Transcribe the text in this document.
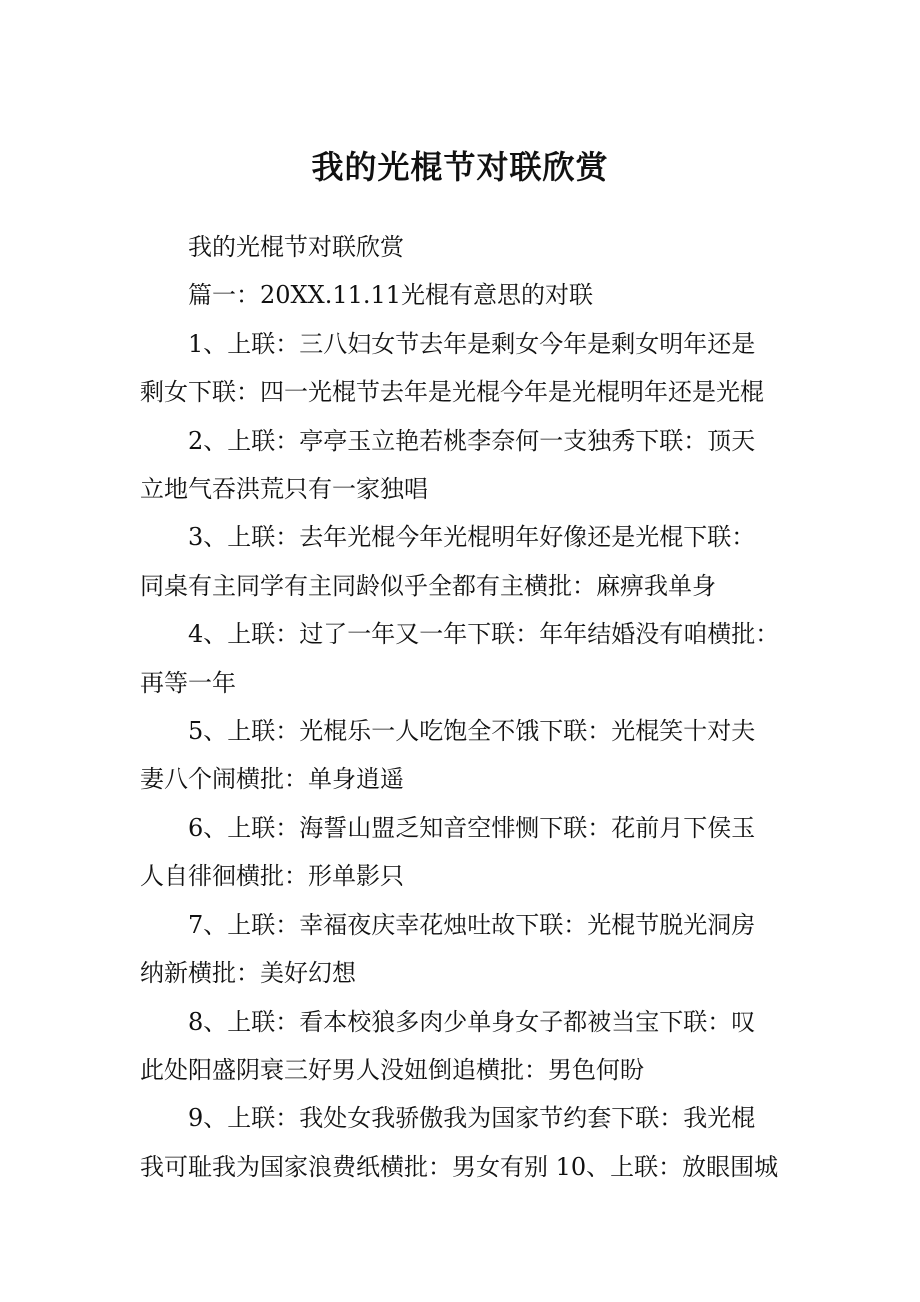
我的光棍节对联欣赏
我的光棍节对联欣赏
篇一：20XX.11.11光棍有意思的对联
1、上联：三八妇女节去年是剩女今年是剩女明年还是
剩女下联：四一光棍节去年是光棍今年是光棍明年还是光棍
2、上联：亭亭玉立艳若桃李奈何一支独秀下联：顶天
立地气吞洪荒只有一家独唱
3、上联：去年光棍今年光棍明年好像还是光棍下联：
同桌有主同学有主同龄似乎全都有主横批：麻痹我单身
4、上联：过了一年又一年下联：年年结婚没有咱横批：
再等一年
5、上联：光棍乐一人吃饱全不饿下联：光棍笑十对夫
妻八个闹横批：单身逍遥
6、上联：海誓山盟乏知音空悱恻下联：花前月下侯玉
人自徘徊横批：形单影只
7、上联：幸福夜庆幸花烛吐故下联：光棍节脱光洞房
纳新横批：美好幻想
8、上联：看本校狼多肉少单身女子都被当宝下联：叹
此处阳盛阴衰三好男人没妞倒追横批：男色何盼
9、上联：我处女我骄傲我为国家节约套下联：我光棍
我可耻我为国家浪费纸横批：男女有别 10、上联：放眼围城
